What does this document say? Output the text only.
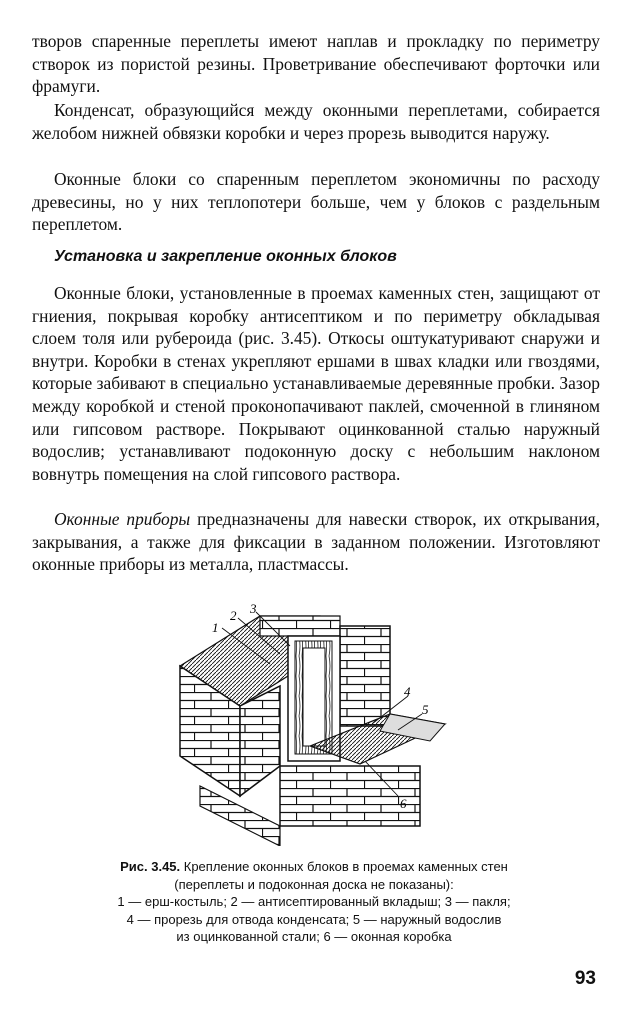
творов спаренные переплеты имеют наплав и прокладку по периметру створок из пористой резины. Проветривание обеспечивают форточки или фрамуги.

Конденсат, образующийся между оконными переплетами, собирается желобом нижней обвязки коробки и через прорезь выводится наружу.

Оконные блоки со спаренным переплетом экономичны по расходу древесины, но у них теплопотери больше, чем у блоков с раздельным переплетом.

Установка и закрепление оконных блоков

Оконные блоки, установленные в проемах каменных стен, защищают от гниения, покрывая коробку антисептиком и по периметру обкладывая слоем толя или рубероида (рис. 3.45). Откосы оштукатуривают снаружи и внутри. Коробки в стенах укрепляют ершами в швах кладки или гвоздями, которые забивают в специально устанавливаемые деревянные пробки. Зазор между коробкой и стеной проконопачивают паклей, смоченной в глиняном или гипсовом растворе. Покрывают оцинкованной сталью наружный водослив; устанавливают подоконную доску с небольшим наклоном вовнутрь помещения на слой гипсового раствора.

Оконные приборы предназначены для навески створок, их открывания, закрывания, а также для фиксации в заданном положении. Изготовляют оконные приборы из металла, пластмассы.

1
2 3
4
5
6
Рис. 3.45. Крепление оконных блоков в проемах каменных стен
(переплеты и подоконная доска не показаны):
1 — ерш-костыль; 2 — антисептированный вкладыш; 3 — пакля;
4 — прорезь для отвода конденсата; 5 — наружный водослив
из оцинкованной стали; 6 — оконная коробка
93
